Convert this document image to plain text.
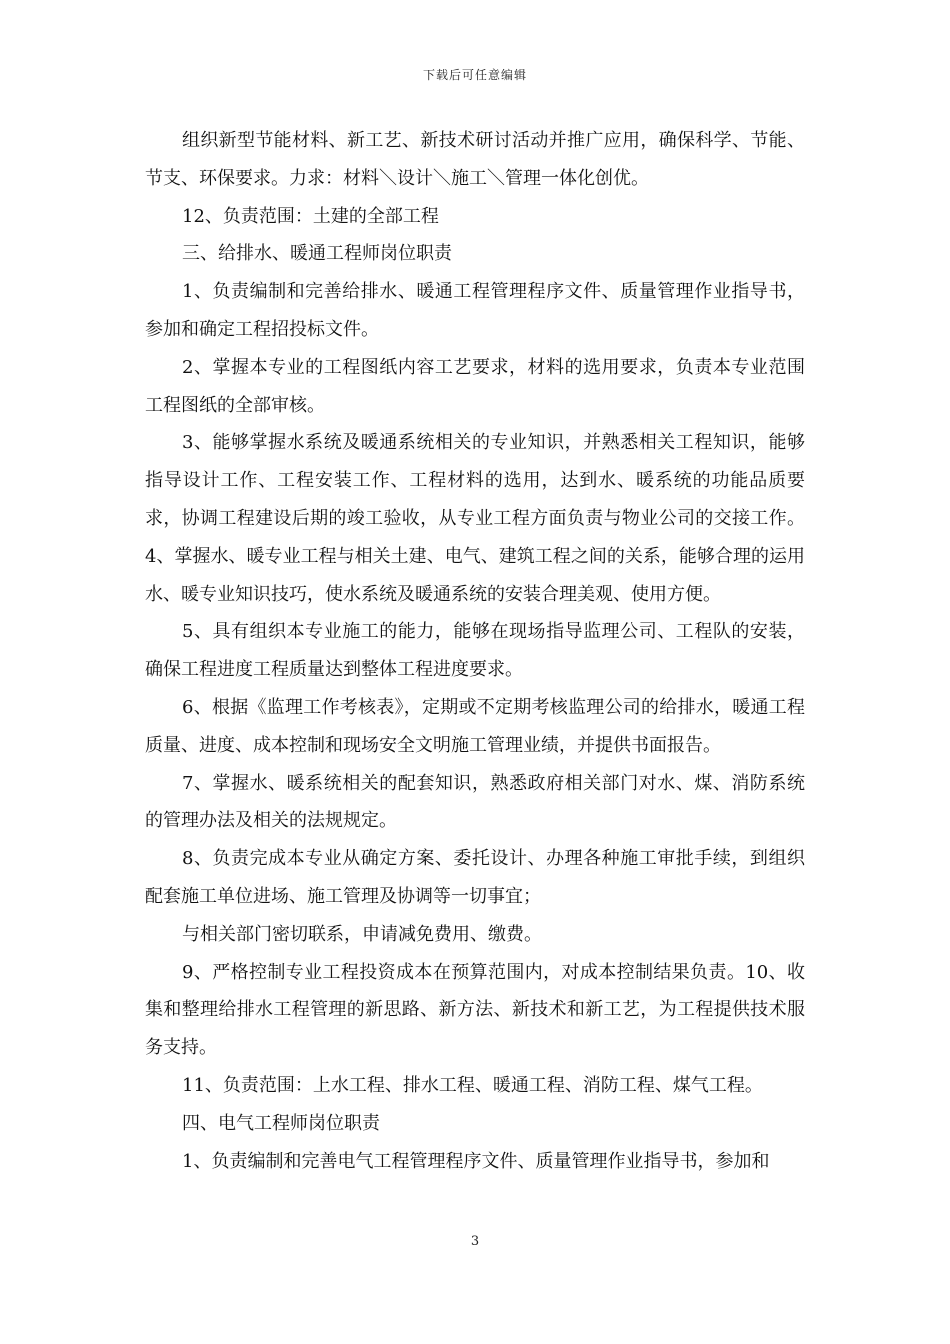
下载后可任意编辑

组织新型节能材料、新工艺、新技术研讨活动并推广应用，确保科学、节能、节支、环保要求。力求：材料＼设计＼施工＼管理一体化创优。

12、负责范围：土建的全部工程

三、给排水、暖通工程师岗位职责

1、负责编制和完善给排水、暖通工程管理程序文件、质量管理作业指导书，参加和确定工程招投标文件。

2、掌握本专业的工程图纸内容工艺要求，材料的选用要求，负责本专业范围工程图纸的全部审核。

3、能够掌握水系统及暖通系统相关的专业知识，并熟悉相关工程知识，能够指导设计工作、工程安装工作、工程材料的选用，达到水、暖系统的功能品质要求，协调工程建设后期的竣工验收，从专业工程方面负责与物业公司的交接工作。4、掌握水、暖专业工程与相关土建、电气、建筑工程之间的关系，能够合理的运用水、暖专业知识技巧，使水系统及暖通系统的安装合理美观、使用方便。

5、具有组织本专业施工的能力，能够在现场指导监理公司、工程队的安装，确保工程进度工程质量达到整体工程进度要求。

6、根据《监理工作考核表》，定期或不定期考核监理公司的给排水，暖通工程质量、进度、成本控制和现场安全文明施工管理业绩，并提供书面报告。

7、掌握水、暖系统相关的配套知识，熟悉政府相关部门对水、煤、消防系统的管理办法及相关的法规规定。

8、负责完成本专业从确定方案、委托设计、办理各种施工审批手续，到组织配套施工单位进场、施工管理及协调等一切事宜；

与相关部门密切联系，申请减免费用、缴费。

9、严格控制专业工程投资成本在预算范围内，对成本控制结果负责。10、收集和整理给排水工程管理的新思路、新方法、新技术和新工艺，为工程提供技术服务支持。

11、负责范围：上水工程、排水工程、暖通工程、消防工程、煤气工程。

四、电气工程师岗位职责

1、负责编制和完善电气工程管理程序文件、质量管理作业指导书，参加和

3
